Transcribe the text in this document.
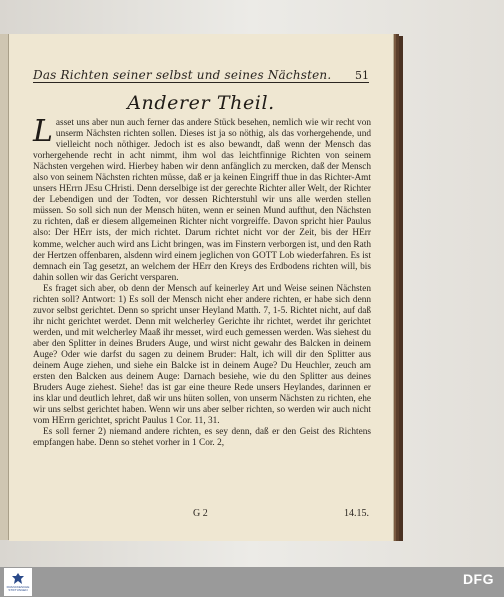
Das Richten seiner selbst und seines Nächsten. 51
Anderer Theil.

Lasset uns aber nun auch ferner das andere Stück besehen, nemlich wie wir recht von unserm Nächsten richten sollen. Dieses ist ja so nöthig, als das vorhergehende, und vielleicht noch nöthiger. Jedoch ist es also bewandt, daß wenn der Mensch das vorhergehende recht in acht nimmt, ihm wol das leichtfinnige Richten von seinem Nächsten vergehen wird. Hierbey haben wir denn anfänglich zu mercken, daß der Mensch also von seinem Nächsten richten müsse, daß er ja keinen Eingriff thue in das Richter-Amt unsers HErrn JEsu CHristi. Denn derselbige ist der gerechte Richter aller Welt, der Richter der Lebendigen und der Todten, vor dessen Richterstuhl wir uns alle werden stellen müssen. So soll sich nun der Mensch hüten, wenn er seinen Mund aufthut, den Nächsten zu richten, daß er diesem allgemeinen Richter nicht vorgreiffe. Davon spricht hier Paulus also: Der HErr ists, der mich richtet. Darum richtet nicht vor der Zeit, bis der HErr komme, welcher auch wird ans Licht bringen, was im Finstern verborgen ist, und den Rath der Hertzen offenbaren, alsdenn wird einem jeglichen von GOTT Lob wiederfahren. Es ist demnach ein Tag gesetzt, an welchem der HErr den Kreys des Erdbodens richten will, bis dahin sollen wir das Gericht versparen.

Es fraget sich aber, ob denn der Mensch auf keinerley Art und Weise seinen Nächsten richten soll? Antwort: 1) Es soll der Mensch nicht eher andere richten, er habe sich denn zuvor selbst gerichtet. Denn so spricht unser Heyland Matth. 7, 1-5. Richtet nicht, auf daß ihr nicht gerichtet werdet. Denn mit welcherley Gerichte ihr richtet, werdet ihr gerichtet werden, und mit welcherley Maaß ihr messet, wird euch gemessen werden. Was siehest du aber den Splitter in deines Bruders Auge, und wirst nicht gewahr des Balcken in deinem Auge? Oder wie darfst du sagen zu deinem Bruder: Halt, ich will dir den Splitter aus deinem Auge ziehen, und siehe ein Balcke ist in deinem Auge? Du Heuchler, zeuch am ersten den Balcken aus deinem Auge: Darnach besiehe, wie du den Splitter aus deines Bruders Auge ziehest. Siehe! das ist gar eine theure Rede unsers Heylandes, darinnen er ins klar und deutlich lehret, daß wir uns hüten sollen, von unserm Nächsten zu richten, ehe wir uns selbst gerichtet haben. Wenn wir uns aber selber richten, so werden wir auch nicht vom HErrn gerichtet, spricht Paulus 1 Cor. 11, 31.

Es soll ferner 2) niemand andere richten, es sey denn, daß er den Geist des Richtens empfangen habe. Denn so stehet vorher in 1 Cor. 2,

G 2	14.15.
FRANCKESCHE STIFTUNGEN
DFG
